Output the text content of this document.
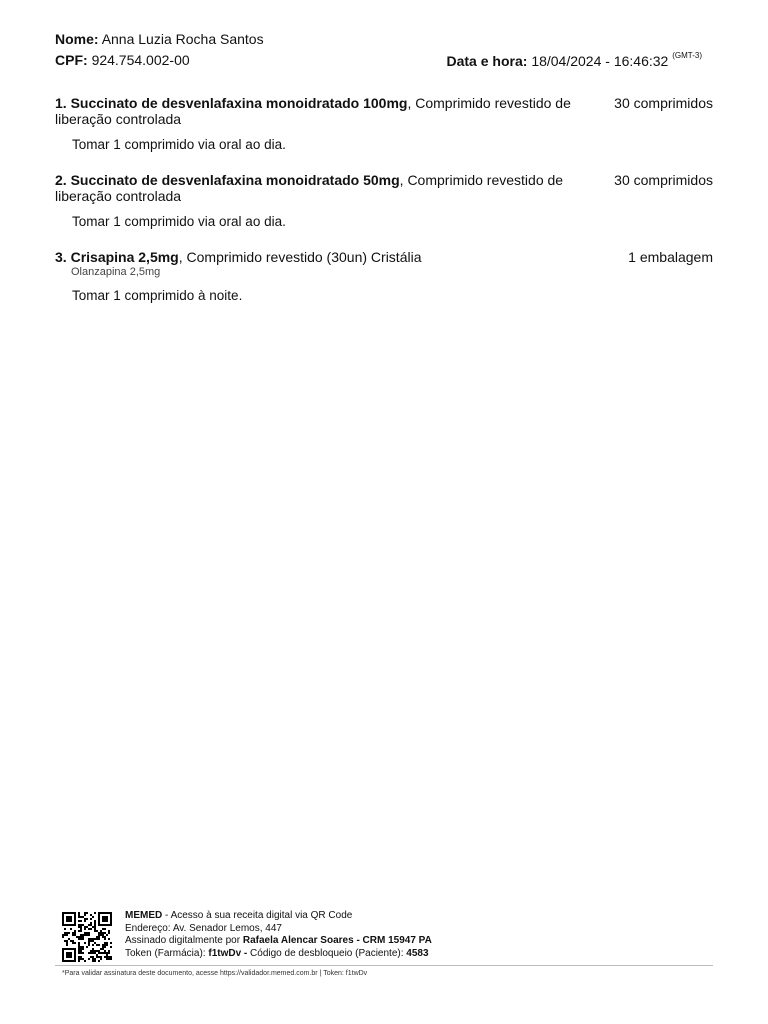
Nome: Anna Luzia Rocha Santos
CPF: 924.754.002-00	Data e hora: 18/04/2024 - 16:46:32 $^{(GMT-3)}$
1. Succinato de desvenlafaxina monoidratado 100mg, Comprimido revestido de liberação controlada
30 comprimidos
Tomar 1 comprimido via oral ao dia.
2. Succinato de desvenlafaxina monoidratado 50mg, Comprimido revestido de liberação controlada
30 comprimidos
Tomar 1 comprimido via oral ao dia.
3. Crisapina 2,5mg, Comprimido revestido (30un) Cristália	1 embalagem
Olanzapina 2,5mg
Tomar 1 comprimido à noite.
MEMED - Acesso à sua receita digital via QR Code
Endereço: Av. Senador Lemos, 447
Assinado digitalmente por Rafaela Alencar Soares - CRM 15947 PA
Token (Farmácia): f1twDv - Código de desbloqueio (Paciente): 4583
*Para validar assinatura deste documento, acesse https://validador.memed.com.br | Token: f1twDv
